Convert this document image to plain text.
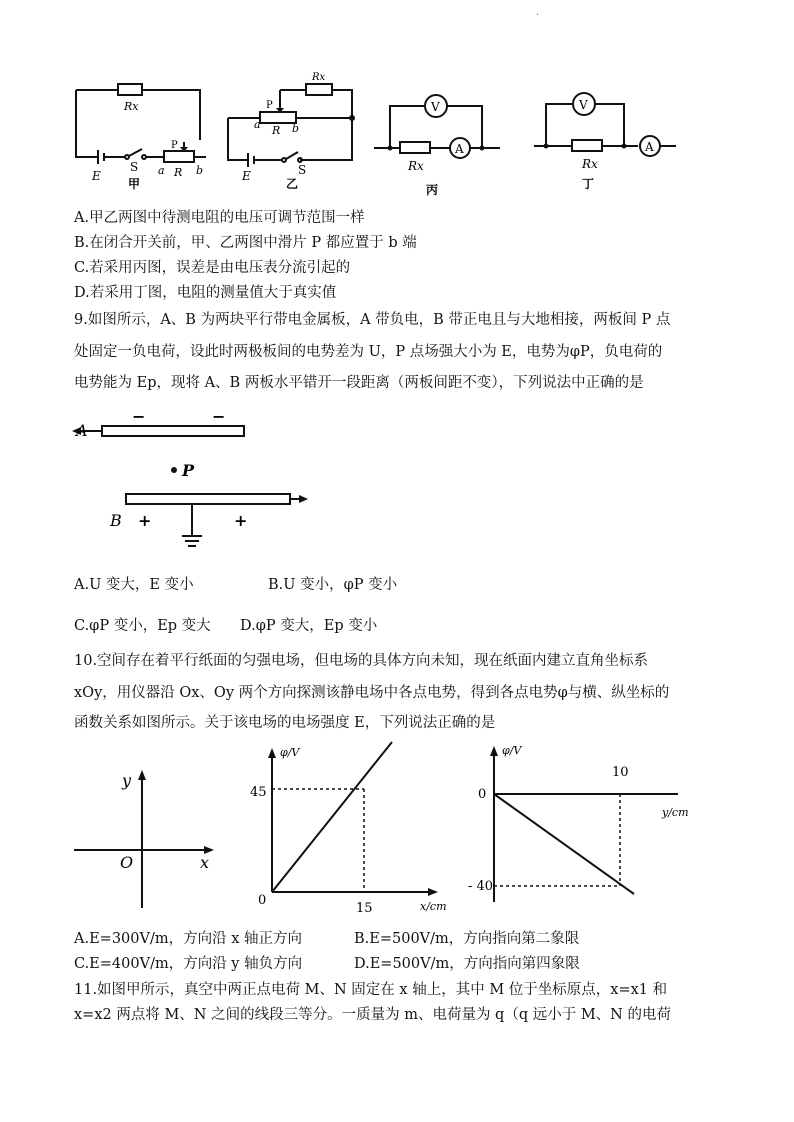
·
Rx
P
E
S a R b
甲
Rx
P
a R b
E	S
乙
V
A
Rx
丙
V
A
Rx
丁
A.甲乙两图中待测电阻的电压可调节范围一样
B.在闭合开关前，甲、乙两图中滑片 P 都应置于 b 端
C.若采用丙图，误差是由电压表分流引起的
D.若采用丁图，电阻的测量值大于真实值
9.如图所示，A、B 为两块平行带电金属板，A 带负电，B 带正电且与大地相接，两板间 P 点
处固定一负电荷，设此时两极板间的电势差为 U，P 点场强大小为 E，电势为φP，负电荷的
电势能为 Ep，现将 A、B 两板水平错开一段距离（两板间距不变），下列说法中正确的是
A
−	−
P
B +	+
A.U 变大，E 变小	B.U 变小，φP 变小
C.φP 变小，Ep 变大 D.φP 变大，Ep 变小
10.空间存在着平行纸面的匀强电场，但电场的具体方向未知，现在纸面内建立直角坐标系
xOy，用仪器沿 Ox、Oy 两个方向探测该静电场中各点电势，得到各点电势φ与横、纵坐标的
函数关系如图所示。关于该电场的电场强度 E，下列说法正确的是
x
y
O
φ/V
45
0
15	x/cm
φ/V
0
10
y/cm
- 40
A.E=300V/m，方向沿 x 轴正方向	B.E=500V/m，方向指向第二象限
C.E=400V/m，方向沿 y 轴负方向	D.E=500V/m，方向指向第四象限
11.如图甲所示，真空中两正点电荷 M、N 固定在 x 轴上，其中 M 位于坐标原点，x=x1 和
x=x2 两点将 M、N 之间的线段三等分。一质量为 m、电荷量为 q（q 远小于 M、N 的电荷
